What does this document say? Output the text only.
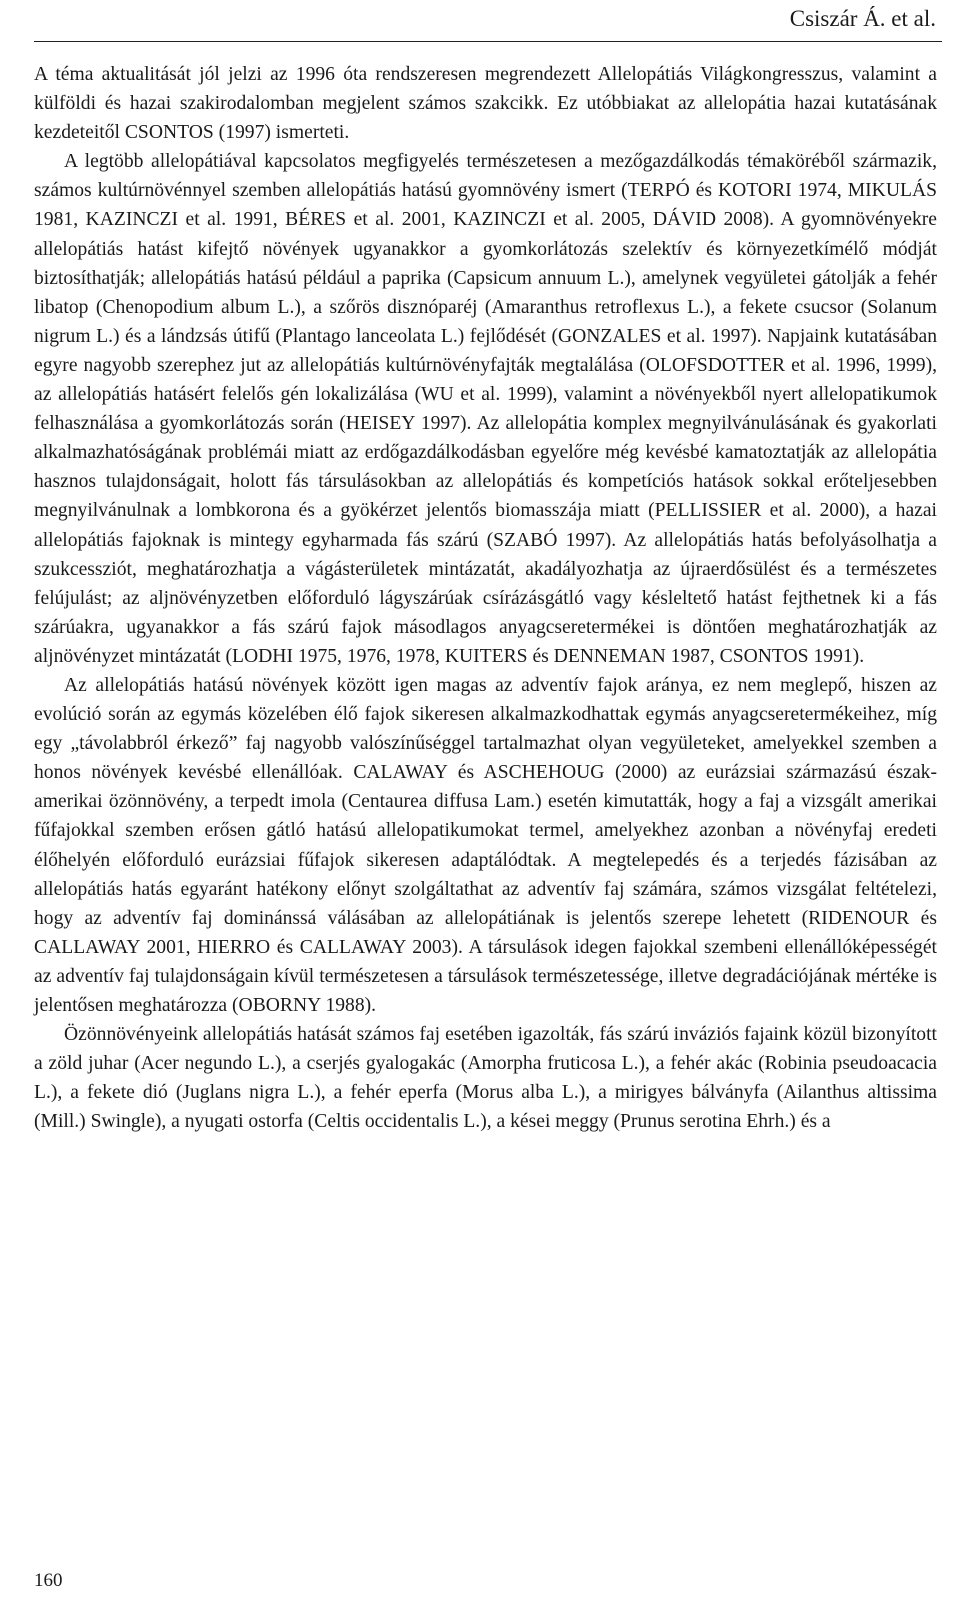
Csiszár Á. et al.

A téma aktualitását jól jelzi az 1996 óta rendszeresen megrendezett Allelopátiás Világkongresszus, valamint a külföldi és hazai szakirodalomban megjelent számos szakcikk. Ez utóbbiakat az allelopátia hazai kutatásának kezdeteitől CSONTOS (1997) ismerteti.

A legtöbb allelopátiával kapcsolatos megfigyelés természetesen a mezőgazdálkodás témaköréből származik, számos kultúrnövénnyel szemben allelopátiás hatású gyomnövény ismert (TERPÓ és KOTORI 1974, MIKULÁS 1981, KAZINCZI et al. 1991, BÉRES et al. 2001, KAZINCZI et al. 2005, DÁVID 2008). A gyomnövényekre allelopátiás hatást kifejtő növények ugyanakkor a gyomkorlátozás szelektív és környezetkímélő módját biztosíthatják; allelopátiás hatású például a paprika (Capsicum annuum L.), amelynek vegyületei gátolják a fehér libatop (Chenopodium album L.), a szőrös disznóparéj (Amaranthus retroflexus L.), a fekete csucsor (Solanum nigrum L.) és a lándzsás útifű (Plantago lanceolata L.) fejlődését (GONZALES et al. 1997). Napjaink kutatásában egyre nagyobb szerephez jut az allelopátiás kultúrnövényfajták megtalálása (OLOFSDOTTER et al. 1996, 1999), az allelopátiás hatásért felelős gén lokalizálása (WU et al. 1999), valamint a növényekből nyert allelopatikumok felhasználása a gyomkorlátozás során (HEISEY 1997). Az allelopátia komplex megnyilvánulásának és gyakorlati alkalmazhatóságának problémái miatt az erdőgazdálkodásban egyelőre még kevésbé kamatoztatják az allelopátia hasznos tulajdonságait, holott fás társulásokban az allelopátiás és kompetíciós hatások sokkal erőteljesebben megnyilvánulnak a lombkorona és a gyökérzet jelentős biomasszája miatt (PELLISSIER et al. 2000), a hazai allelopátiás fajoknak is mintegy egyharmada fás szárú (SZABÓ 1997). Az allelopátiás hatás befolyásolhatja a szukcessziót, meghatározhatja a vágásterületek mintázatát, akadályozhatja az újraerdősülést és a természetes felújulást; az aljnövényzetben előforduló lágyszárúak csírázásgátló vagy késleltető hatást fejthetnek ki a fás szárúakra, ugyanakkor a fás szárú fajok másodlagos anyagcseretermékei is döntően meghatározhatják az aljnövényzet mintázatát (LODHI 1975, 1976, 1978, KUITERS és DENNEMAN 1987, CSONTOS 1991).

Az allelopátiás hatású növények között igen magas az adventív fajok aránya, ez nem meglepő, hiszen az evolúció során az egymás közelében élő fajok sikeresen alkalmazkodhattak egymás anyagcseretermékeihez, míg egy „távolabbról érkező” faj nagyobb valószínűséggel tartalmazhat olyan vegyületeket, amelyekkel szemben a honos növények kevésbé ellenállóak. CALAWAY és ASCHEHOUG (2000) az eurázsiai származású észak-amerikai özönnövény, a terpedt imola (Centaurea diffusa Lam.) esetén kimutatták, hogy a faj a vizsgált amerikai fűfajokkal szemben erősen gátló hatású allelopatikumokat termel, amelyekhez azonban a növényfaj eredeti élőhelyén előforduló eurázsiai fűfajok sikeresen adaptálódtak. A megtelepedés és a terjedés fázisában az allelopátiás hatás egyaránt hatékony előnyt szolgáltathat az adventív faj számára, számos vizsgálat feltételezi, hogy az adventív faj dominánssá válásában az allelopátiának is jelentős szerepe lehetett (RIDENOUR és CALLAWAY 2001, HIERRO és CALLAWAY 2003). A társulások idegen fajokkal szembeni ellenállóképességét az adventív faj tulajdonságain kívül természetesen a társulások természetessége, illetve degradációjának mértéke is jelentősen meghatározza (OBORNY 1988).

Özönnövényeink allelopátiás hatását számos faj esetében igazolták, fás szárú inváziós fajaink közül bizonyított a zöld juhar (Acer negundo L.), a cserjés gyalogakác (Amorpha fruticosa L.), a fehér akác (Robinia pseudoacacia L.), a fekete dió (Juglans nigra L.), a fehér eperfa (Morus alba L.), a mirigyes bálványfa (Ailanthus altissima (Mill.) Swingle), a nyugati ostorfa (Celtis occidentalis L.), a kései meggy (Prunus serotina Ehrh.) és a

160
